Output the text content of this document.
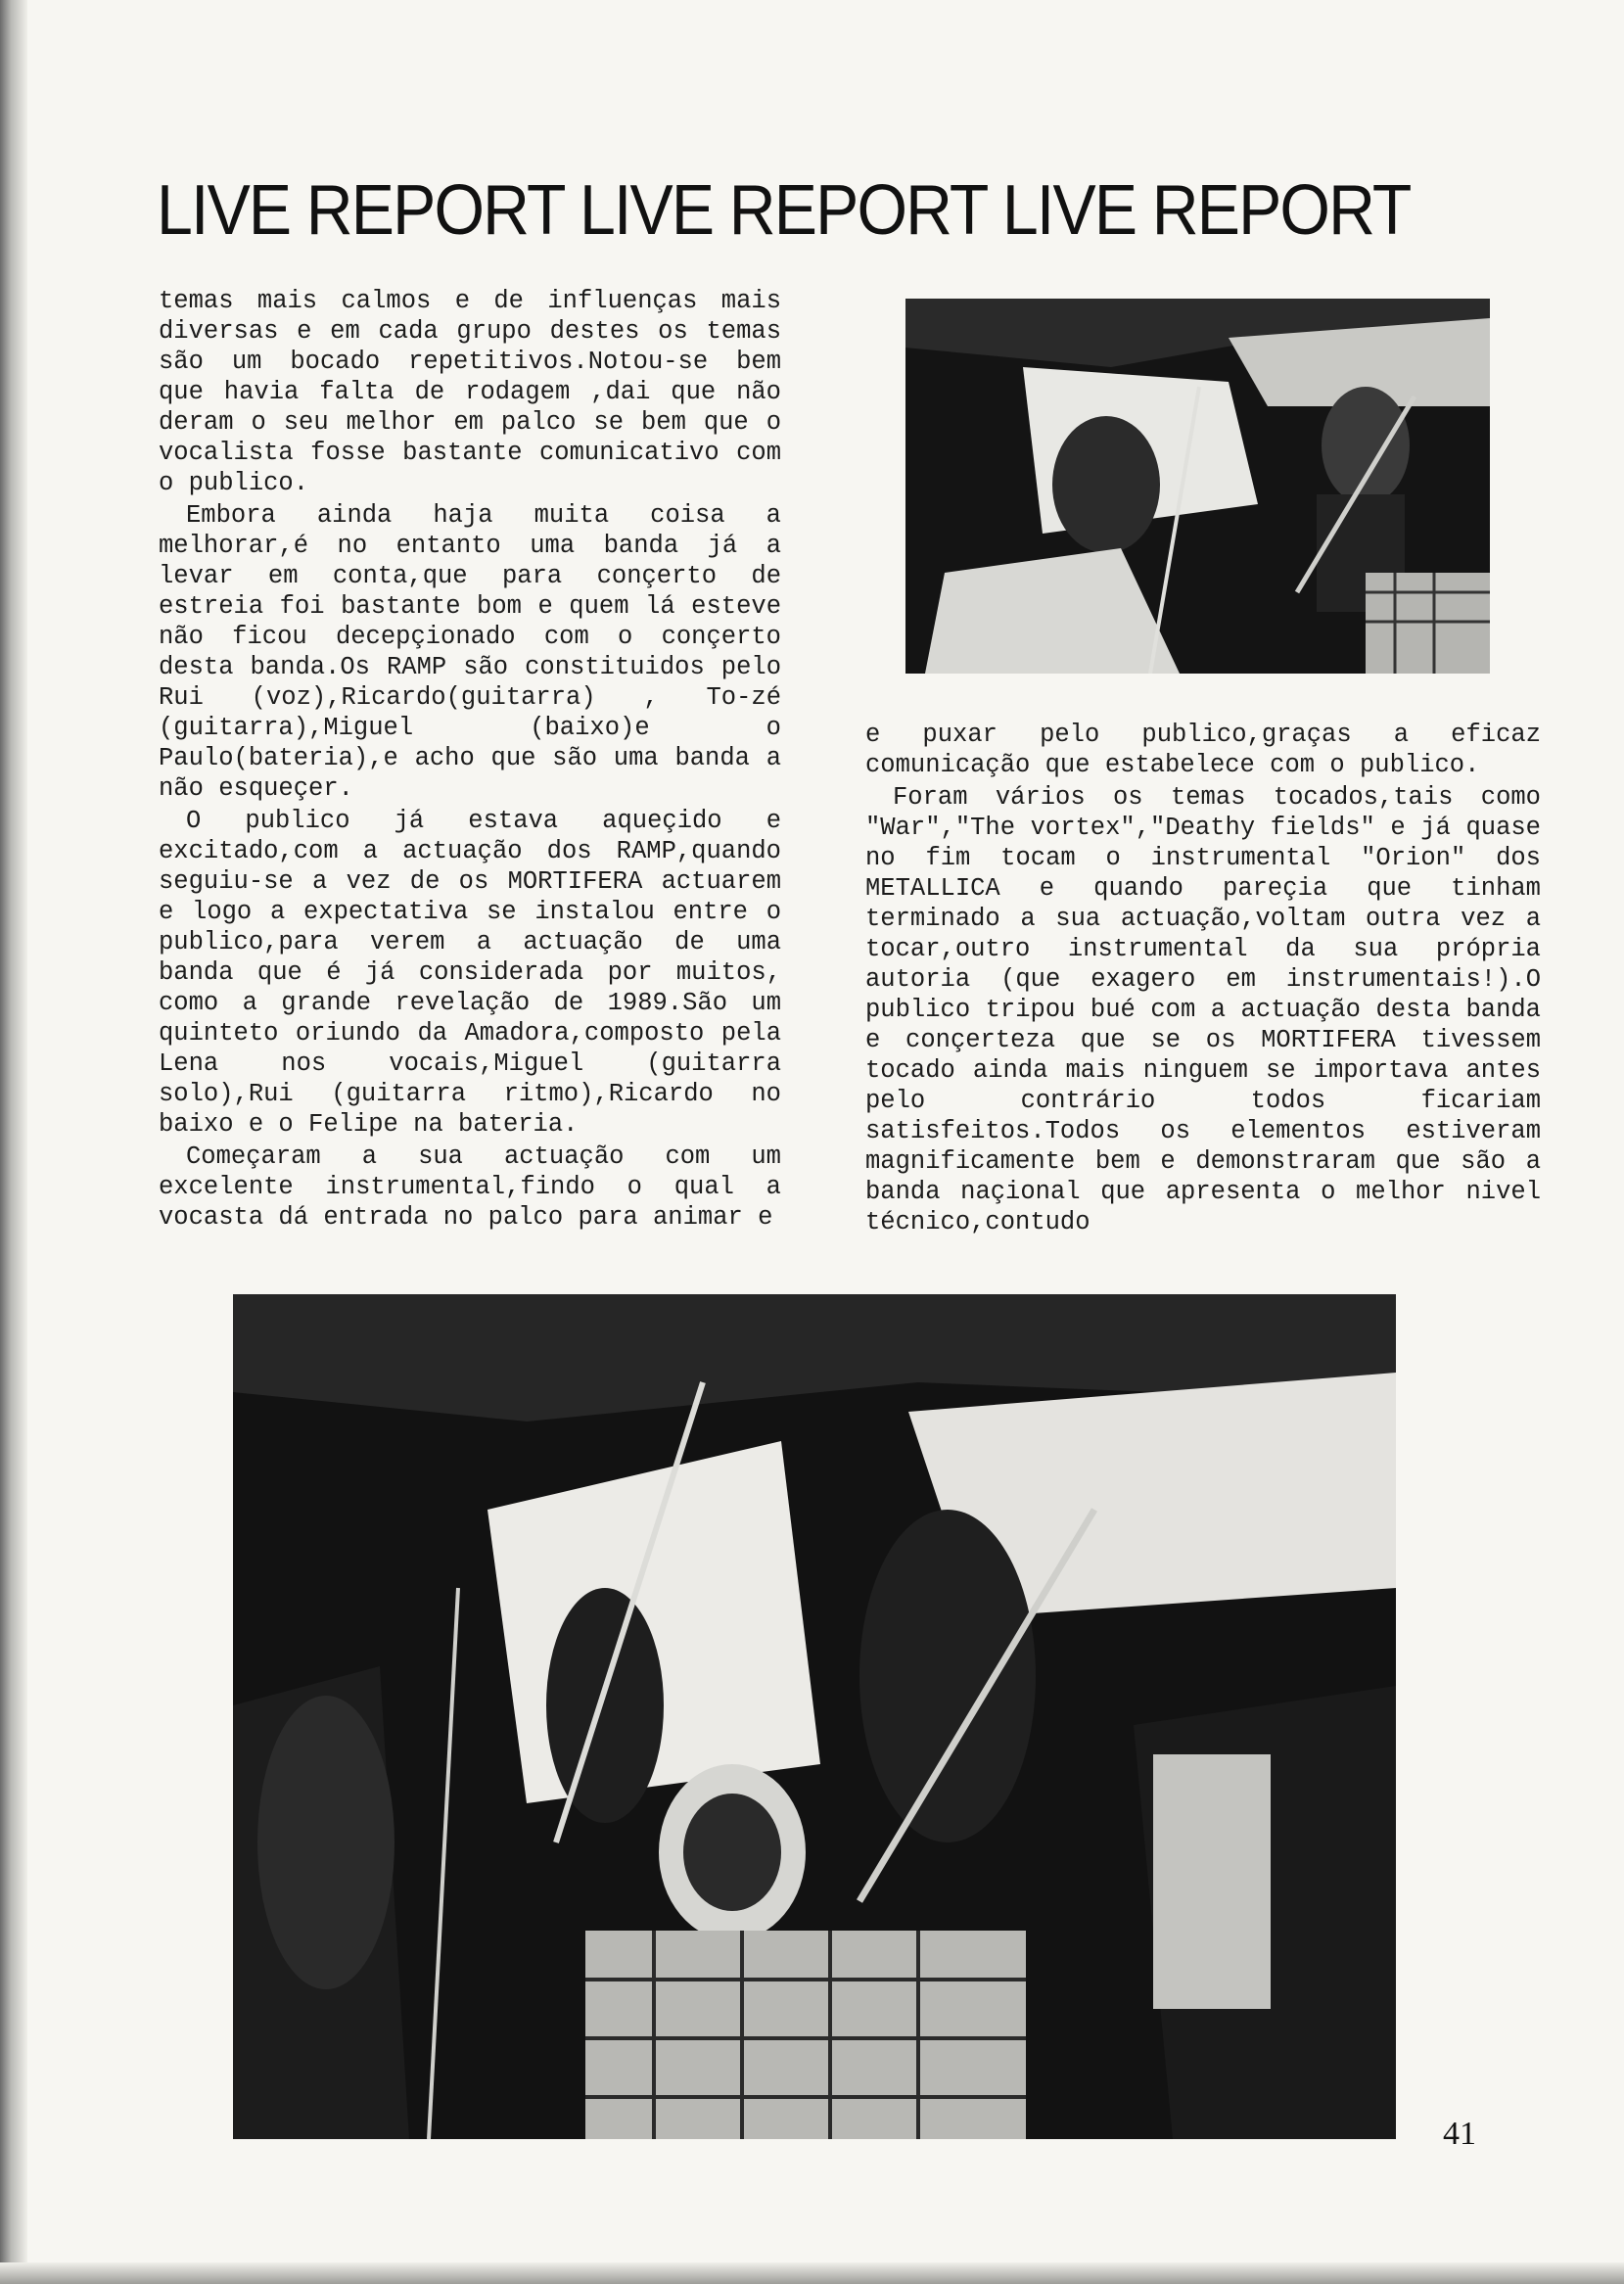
LIVE REPORT LIVE REPORT LIVE REPORT

temas mais calmos e de influenças mais diversas e em cada grupo destes os temas são um bocado repetitivos.Notou-se bem que havia falta de rodagem ,dai que não deram o seu melhor em palco se bem que o vocalista fosse bastante comunicativo com o publico.

Embora ainda haja muita coisa a melhorar,é no entanto uma banda já a levar em conta,que para conçerto de estreia foi bastante bom e quem lá esteve não ficou decepçionado com o conçerto desta banda.Os RAMP são constituidos pelo Rui (voz),Ricardo(guitarra) , To-zé (guitarra),Miguel (baixo)e o Paulo(bateria),e acho que são uma banda a não esqueçer.

O publico já estava aqueçido e excitado,com a actuação dos RAMP,quando seguiu-se a vez de os MORTIFERA actuarem e logo a expectativa se instalou entre o publico,para verem a actuação de uma banda que é já considerada por muitos, como a grande revelação de 1989.São um quinteto oriundo da Amadora,composto pela Lena nos vocais,Miguel (guitarra solo),Rui (guitarra ritmo),Ricardo no baixo e o Felipe na bateria.

Começaram a sua actuação com um excelente instrumental,findo o qual a vocasta dá entrada no palco para animar e

e puxar pelo publico,graças a eficaz comunicação que estabelece com o publico.

Foram vários os temas tocados,tais como "War","The vortex","Deathy fields" e já quase no fim tocam o instrumental "Orion" dos METALLICA e quando pareçia que tinham terminado a sua actuação,voltam outra vez a tocar,outro instrumental da sua própria autoria (que exagero em instrumentais!).O publico tripou bué com a actuação desta banda e conçerteza que se os MORTIFERA tivessem tocado ainda mais ninguem se importava antes pelo contrário todos ficariam satisfeitos.Todos os elementos estiveram magnificamente bem e demonstraram que são a banda naçional que apresenta o melhor nivel técnico,contudo

41
